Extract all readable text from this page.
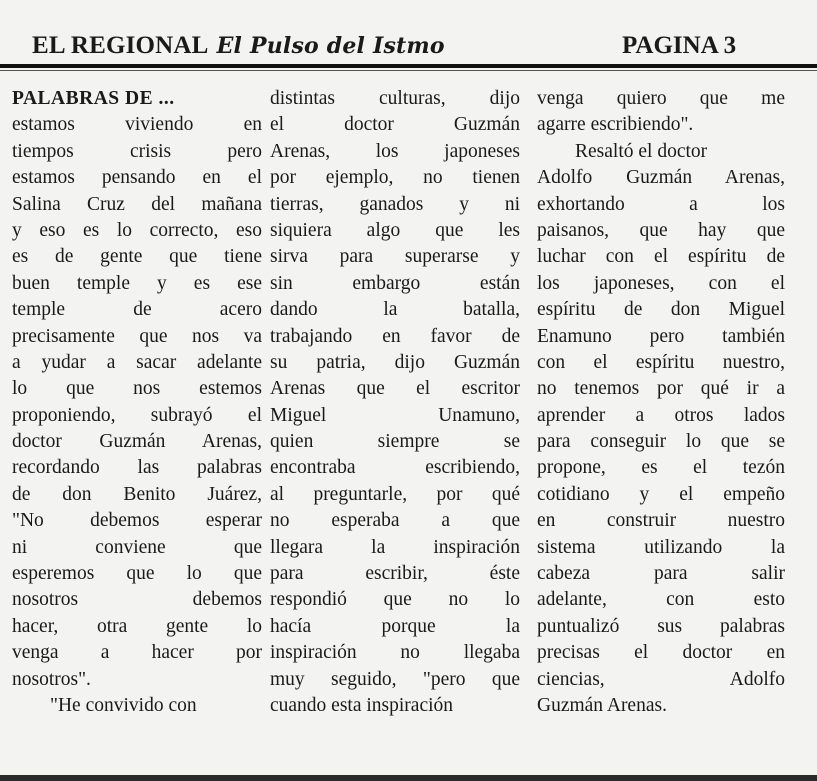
EL REGIONAL El Pulso del Istmo	PAGINA 3
PALABRAS DE ...
estamos viviendo en
tiempos crisis pero
estamos pensando en el
Salina Cruz del mañana
y eso es lo correcto, eso
es de gente que tiene
buen temple y es ese
temple de acero
precisamente que nos va
a yudar a sacar adelante
lo que nos estemos
proponiendo, subrayó el
doctor Guzmán Arenas,
recordando las palabras
de don Benito Juárez,
"No debemos esperar
ni conviene que
esperemos que lo que
nosotros debemos
hacer, otra gente lo
venga a hacer por
nosotros".
"He convivido con
distintas culturas, dijo
el doctor Guzmán
Arenas, los japoneses
por ejemplo, no tienen
tierras, ganados y ni
siquiera algo que les
sirva para superarse y
sin embargo están
dando la batalla,
trabajando en favor de
su patria, dijo Guzmán
Arenas que el escritor
Miguel Unamuno,
quien siempre se
encontraba escribiendo,
al preguntarle, por qué
no esperaba a que
llegara la inspiración
para escribir, éste
respondió que no lo
hacía porque la
inspiración no llegaba
muy seguido, "pero que
cuando esta inspiración
venga quiero que me
agarre escribiendo".
Resaltó el doctor
Adolfo Guzmán Arenas,
exhortando a los
paisanos, que hay que
luchar con el espíritu de
los japoneses, con el
espíritu de don Miguel
Enamuno pero también
con el espíritu nuestro,
no tenemos por qué ir a
aprender a otros lados
para conseguir lo que se
propone, es el tezón
cotidiano y el empeño
en construir nuestro
sistema utilizando la
cabeza para salir
adelante, con esto
puntualizó sus palabras
precisas el doctor en
ciencias, Adolfo
Guzmán Arenas.
